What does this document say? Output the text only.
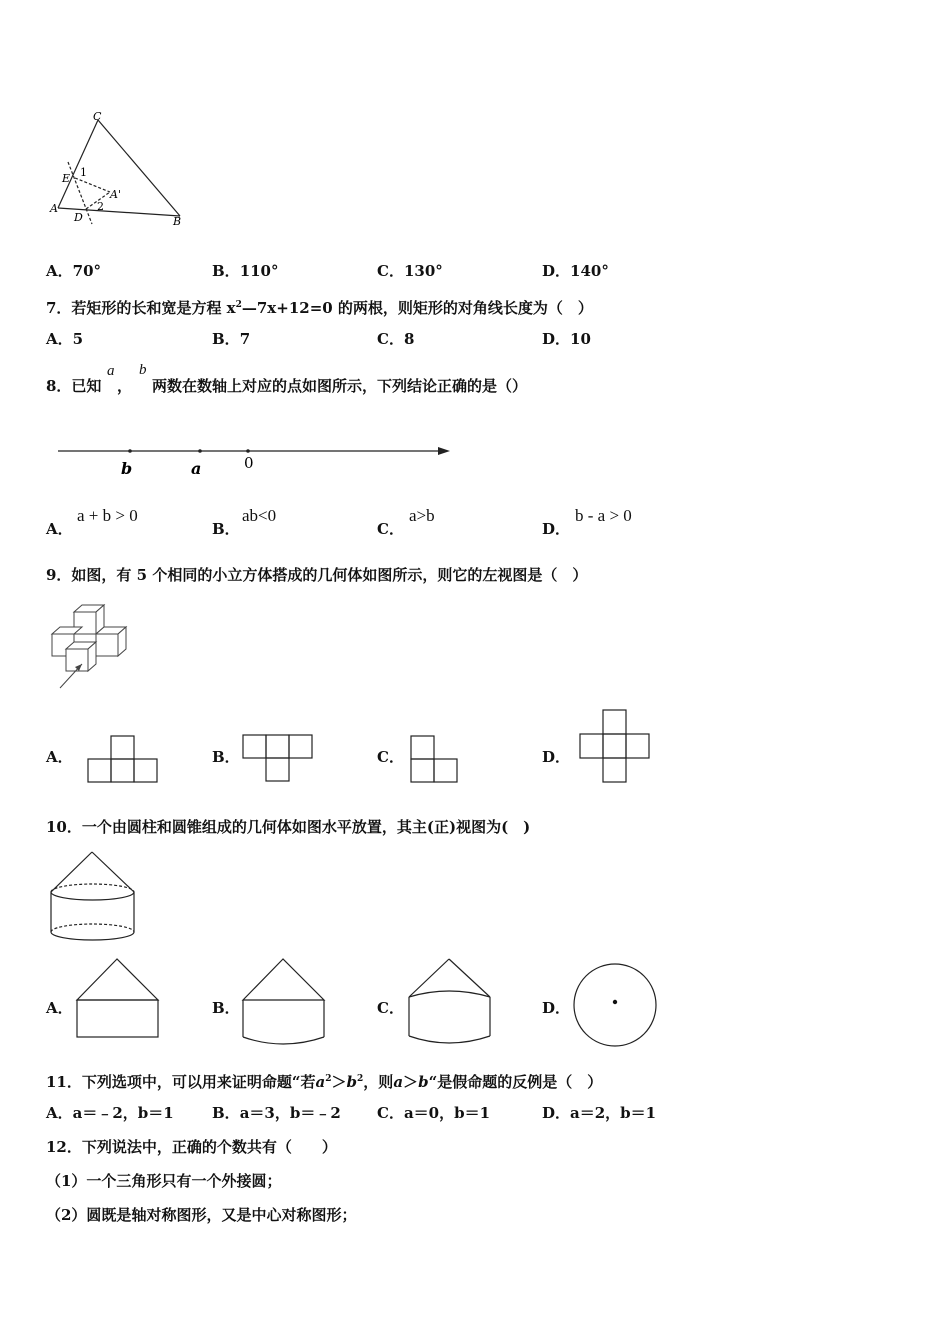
C
E 1
A'
A
D
2
B
A．70°	B．110°	C．130°	D．140°
7．若矩形的长和宽是方程 $x^2—7x+12=0$ 的两根，则矩形的对角线长度为（　）
A．5	B．7	C．8	D．10
8．已知
a
，
b
两数在数轴上对应的点如图所示，下列结论正确的是（）
b	a	0
A．
a + b > 0
B．
ab<0
C．
a>b
D．
b - a > 0
9．如图，有 5 个相同的小立方体搭成的几何体如图所示，则它的左视图是（　）
A．	B．	C．	D．
10．一个由圆柱和圆锥组成的几何体如图水平放置，其主(正)视图为(　)
A．	B．	C．	D．
11．下列选项中，可以用来证明命题“若$a^2>b^2$，则a＞b“是假命题的反例是（　）
A．a＝﹣2，b＝1	B．a＝3，b＝﹣2 C．a＝0，b＝1	D．a＝2，b＝1
12．下列说法中，正确的个数共有（　　）
（1）一个三角形只有一个外接圆；
（2）圆既是轴对称图形，又是中心对称图形；
